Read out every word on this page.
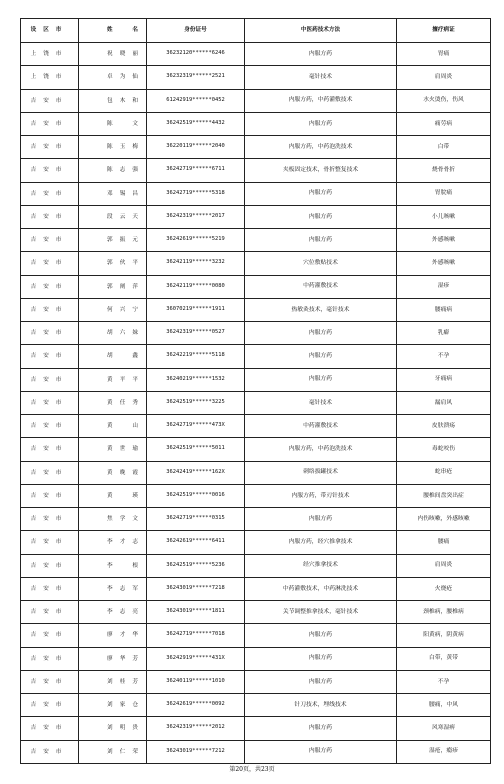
设区市	姓 名	身份证号	中医药技术方法	擅疗病证
上饶市	祝晓丽	36232120******6246	内服方药	胃痛
上饶市	卓为仙	36232319******2521	毫针技术	肩周炎
吉安市	包木和	61242919******0452	内服方药，中药灌敷技术	水火烫伤，伤风
吉安市	陈 文	36242519******4432	内服方药	痛劳病
吉安市	陈玉梅	36220119******2040	内服方药，中药泡洗技术	白带
吉安市	陈志强	36242719******6711	夹板固定技术，骨折整复技术	烧骨骨折
吉安市	邓锡昌	36242719******5318	内服方药	胃脘痛
吉安市	段云天	36242319******2017	内服方药	小儿咳嗽
吉安市	郭振元	36242619******5219	内服方药	外感咳嗽
吉安市	郭伙平	36242119******3232	穴位敷贴技术	外感咳嗽
吉安市	郭阐萍	36242119******0080	中药灌敷技术	湿疹
吉安市	何兴宁	36070219******1911	热敏灸技术，毫针技术	腰痛病
吉安市	胡六妹	36242319******0527	内服方药	乳癖
吉安市	胡 鑫	36242219******5118	内服方药	不孕
吉安市	黄平平	36240219******1532	内服方药	牙痛病
吉安市	黄任秀	36242519******3225	毫针技术	漏肩风
吉安市	黄 山	36242719******473X	中药灌敷技术	皮肤溃疡
吉安市	黄世瑜	36242519******5011	内服方药，中药泡洗技术	毒蛇咬伤
吉安市	黄晚霞	36242419******162X	刺络拔罐技术	蛇串疮
吉安市	黄 瑛	36242519******0016	内服方药，带刃针技术	腰椎间盘突出症
吉安市	焦学文	36242719******0315	内服方药	内伤咳嗽，外感咳嗽
吉安市	李才志	36242619******6411	内服方药，经穴推拿技术	腰痛
吉安市	李 根	36242519******5236	经穴推拿技术	肩周炎
吉安市	李志军	36243019******7218	中药灌敷技术，中药淋洗技术	火烧疮
吉安市	李志亮	36243019******1811	关节调整推拿技术，毫针技术	颈椎病，腰椎病
吉安市	廖才华	36242719******7018	内服方药	阳黄病，阴黄病
吉安市	廖华芳	36242919******431X	内服方药	白带，黄带
吉安市	刘桂芳	36240119******1010	内服方药	不孕
吉安市	刘家仓	36242619******0092	针刀技术，埋线技术	腰痛，中风
吉安市	刘明贵	36242319******2012	内服方药	风寒湿痹
吉安市	刘仁荣	36243019******7212	内服方药	湿疮，瘾疹
第20页，共23页
